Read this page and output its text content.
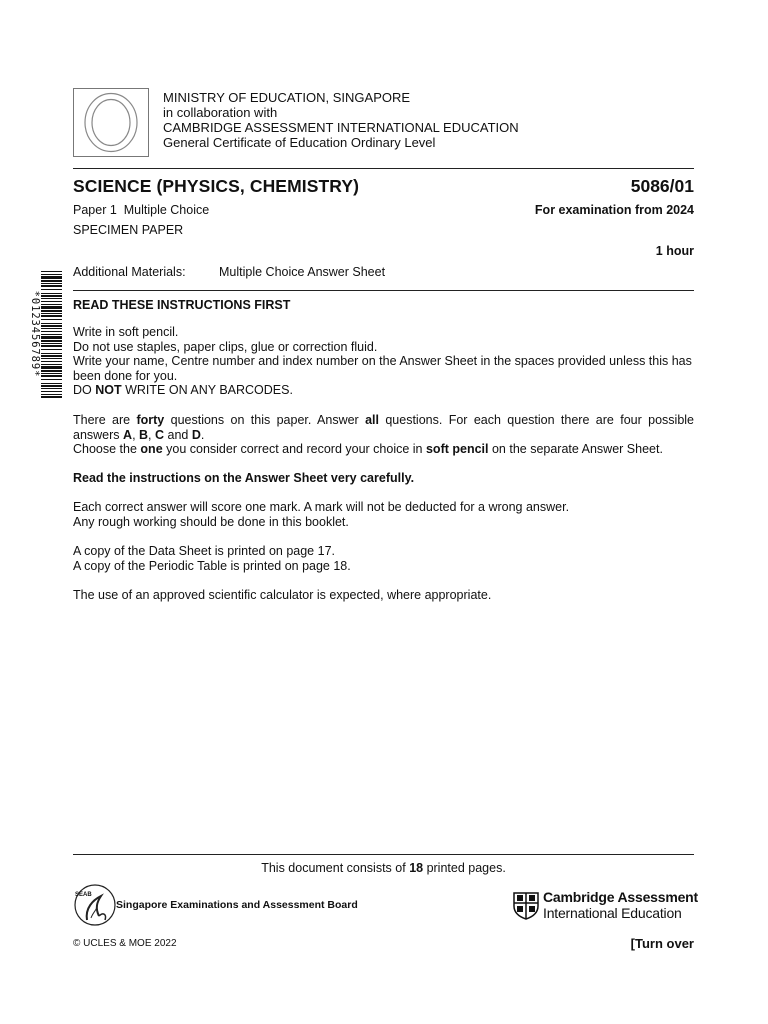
MINISTRY OF EDUCATION, SINGAPORE
in collaboration with
CAMBRIDGE ASSESSMENT INTERNATIONAL EDUCATION
General Certificate of Education Ordinary Level
SCIENCE (PHYSICS, CHEMISTRY)	5086/01
Paper 1  Multiple Choice	For examination from 2024
SPECIMEN PAPER
1 hour
Additional Materials:	Multiple Choice Answer Sheet
*0123456789*	READ THESE INSTRUCTIONS FIRST

Write in soft pencil.

Do not use staples, paper clips, glue or correction fluid.

Write your name, Centre number and index number on the Answer Sheet in the spaces provided unless this has been done for you.

DO NOT WRITE ON ANY BARCODES.

There are forty questions on this paper. Answer all questions. For each question there are four possible answers A, B, C and D.

Choose the one you consider correct and record your choice in soft pencil on the separate Answer Sheet.

Read the instructions on the Answer Sheet very carefully.

Each correct answer will score one mark. A mark will not be deducted for a wrong answer.

Any rough working should be done in this booklet.

A copy of the Data Sheet is printed on page 17.

A copy of the Periodic Table is printed on page 18.

The use of an approved scientific calculator is expected, where appropriate.
This document consists of 18 printed pages.
SEAB
Singapore Examinations and Assessment Board	Cambridge Assessment
International Education
© UCLES & MOE 2022	[Turn over
